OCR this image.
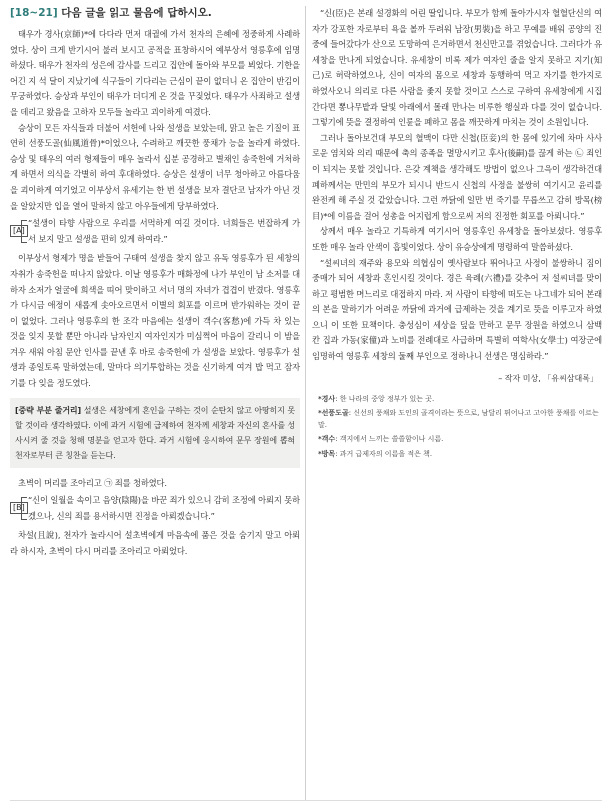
[18~21] 다음 글을 읽고 물음에 답하시오.

태우가 경사(京師)*에 다다라 먼저 대궐에 가서 천자의 은혜에 정중하게 사례하였다. 상이 크게 반기시어 불러 보시고 공적을 표창하시어 예부상서 영릉후에 임명하셨다. 태우가 천자의 성은에 감사를 드리고 집안에 돌아와 부모를 뵈었다. 기한을 어긴 지 석 달이 지났기에 식구들이 기다리는 근심이 끝이 없더니 온 집안이 반김이 무궁하였다. 승상과 부인이 태우가 더디게 온 것을 꾸짖었다. 태우가 사죄하고 설생을 데리고 왔음을 고하자 모두들 놀라고 괴이하게 여겼다.

승상이 모든 자식들과 더불어 서헌에 나와 설생을 보았는데, 맑고 높은 기질이 표연히 선풍도골(仙風道骨)*이었으나, 수려하고 깨끗한 풍채가 능을 놀라게 하였다. 승상 및 태우의 여러 형제들이 매우 놀라서 십분 공경하고 별채인 송죽헌에 거처하게 하면서 의식을 각별히 하여 후대하였다. 승상은 설생이 너무 청아하고 아름다움을 괴이하게 여기었고 이부상서 유세기는 한 번 설생을 보자 결단코 남자가 아닌 것을 알았지만 입을 열어 말하지 않고 아우들에게 당부하였다.

[A]

“설생이 타향 사람으로 우리를 서먹하게 여길 것이다. 너희들은 번잡하게 가서 보지 말고 설생을 편히 있게 하여라.”

이부상서 형제가 명을 받들어 구태여 설생을 찾지 않고 유독 영릉후가 된 세창의 자취가 송죽헌을 떠나지 않았다. 이날 영릉후가 매화정에 나가 부인이 남 소저를 대하자 소저가 얼굴에 희색을 띠어 맞이하고 서너 명의 자녀가 겹겹이 반겼다. 영릉후가 다시금 애정이 새롭게 솟아오르면서 이별의 회포를 이르며 반가워하는 것이 끝이 없었다. 그러나 영릉후의 한 조각 마음에는 설생이 객수(客愁)에 가득 차 있는 것을 잊지 못할 뿐만 아니라 남자인지 여자인지가 미심쩍어 마음이 갈리니 이 밤을 겨우 새워 아침 문안 인사를 끝낸 후 바로 송죽헌에 가 설생을 보았다. 영릉후가 설생과 종일토록 말하였는데, 말마다 의기투합하는 것을 신기하게 여겨 밥 먹고 잠자기를 다 잊을 정도였다.

[중략 부분 줄거리] 설생은 세창에게 혼인을 구하는 것이 순탄치 않고 아땅히지 못할 것이라 생각하였다. 이에 과거 시험에 급제하여 천자께 세창과 자신의 혼사를 성사시켜 줄 것을 청해 명분을 얻고자 한다. 과거 시험에 응시하여 문무 장원에 뽑혀 천자로부터 큰 칭찬을 듣는다.

초벽이 머리를 조아리고 ㉠ 죄를 청하였다.

[B]

“신이 일월을 속이고 음양(陰陽)을 바꾼 죄가 있으니 감히 조정에 아뢰지 못하겠으나, 신의 죄를 용서하시면 진정을 아뢰겠습니다.”

차설(且說), 천자가 놀라시어 설초벽에게 마음속에 품은 것을 숨기지 말고 아뢰라 하시자, 초벽이 다시 머리를 조아리고 아뢰었다.

“신(臣)은 본래 설경화의 어린 딸입니다. 부모가 함께 돌아가시자 혈혈단신의 여자가 강포한 자로부터 욕을 볼까 두려워 남장(男裝)을 하고 무예를 배워 공양의 진중에 들어갔다가 산으로 도망하여 은거하면서 천신만고를 겪었습니다. 그러다가 유세창을 만나게 되었습니다. 유세창이 비록 제가 여자인 줄을 알지 못하고 지기(知己)로 허락하였으나, 신이 여자의 몸으로 세창과 동행하여 먹고 자기를 한가지로 하였사오니 의리로 다른 사람을 좇지 못할 것이고 스스로 구하여 유세창에게 시집간다면 뽕나무밭과 달빛 아래에서 몰래 만나는 비루한 행실과 다를 것이 없습니다. 그렇기에 뜻을 결정하여 인륜을 폐하고 몸을 깨끗하게 마치는 것이 소원입니다.

그러나 돌아보건대 부모의 혈맥이 다만 신첩(臣妾)의 한 몸에 있기에 차마 사사로운 염치와 의리 때문에 축의 종족을 멸망시키고 후사(後嗣)를 끊게 하는 ㉡ 죄인이 되지는 못할 것입니다. 은갖 계책을 생각해도 방법이 없으나 그윽이 생각하건대 폐하께서는 만민의 부모가 되시니 반드시 신첩의 사정을 불쌍히 여기시고 윤리를 완전케 해 주실 것 같았습니다. 그런 까닭에 일만 번 죽기를 무릅쓰고 감히 방목(榜目)*에 이름을 걸어 성총을 어지럽게 함으로써 저의 진정한 회포를 아뢰니다.”

상께서 매우 놀라고 기특하게 여기시어 영릉후인 유세창을 돌아보셨다. 영릉후 또한 매우 놀라 안색이 흡빛이었다. 상이 유승상에게 명령하여 말씀하셨다.

“설씨녀의 재주와 용모와 의협심이 옛사람보다 뛰어나고 사정이 불쌍하니 짐이 중매가 되어 세창과 혼인시킬 것이다. 경은 육례(六禮)를 갖추어 저 설씨녀를 맞이하고 평범한 며느리로 대접하지 마라. 저 사람이 타향에 떠도는 나그네가 되어 본래의 본을 말하기가 어려운 까닭에 과거에 급제하는 것을 계기로 뜻을 이루고자 하였으니 이 또한 묘책이다. 충성심이 세상을 덮을 만하고 문무 장원을 하였으니 삼백 칸 집과 가동(家僮)과 노비를 전례대로 사급하며 특별히 여학사(女學士) 여장군에 임명하여 영릉후 세창의 둘째 부인으로 정하나니 선생은 명심하라.”

– 작자 미상, 「유씨삼대록」
*경사: 한 나라의 중앙 정부가 있는 곳.
*선풍도골: 신선의 풍채와 도인의 골격이라는 뜻으로, 남달리 뛰어나고 고아한 풍채를 이르는 말.
*객수: 객지에서 느끼는 쓸쓸함이나 시름.
*방목: 과거 급제자의 이름을 적은 책.
